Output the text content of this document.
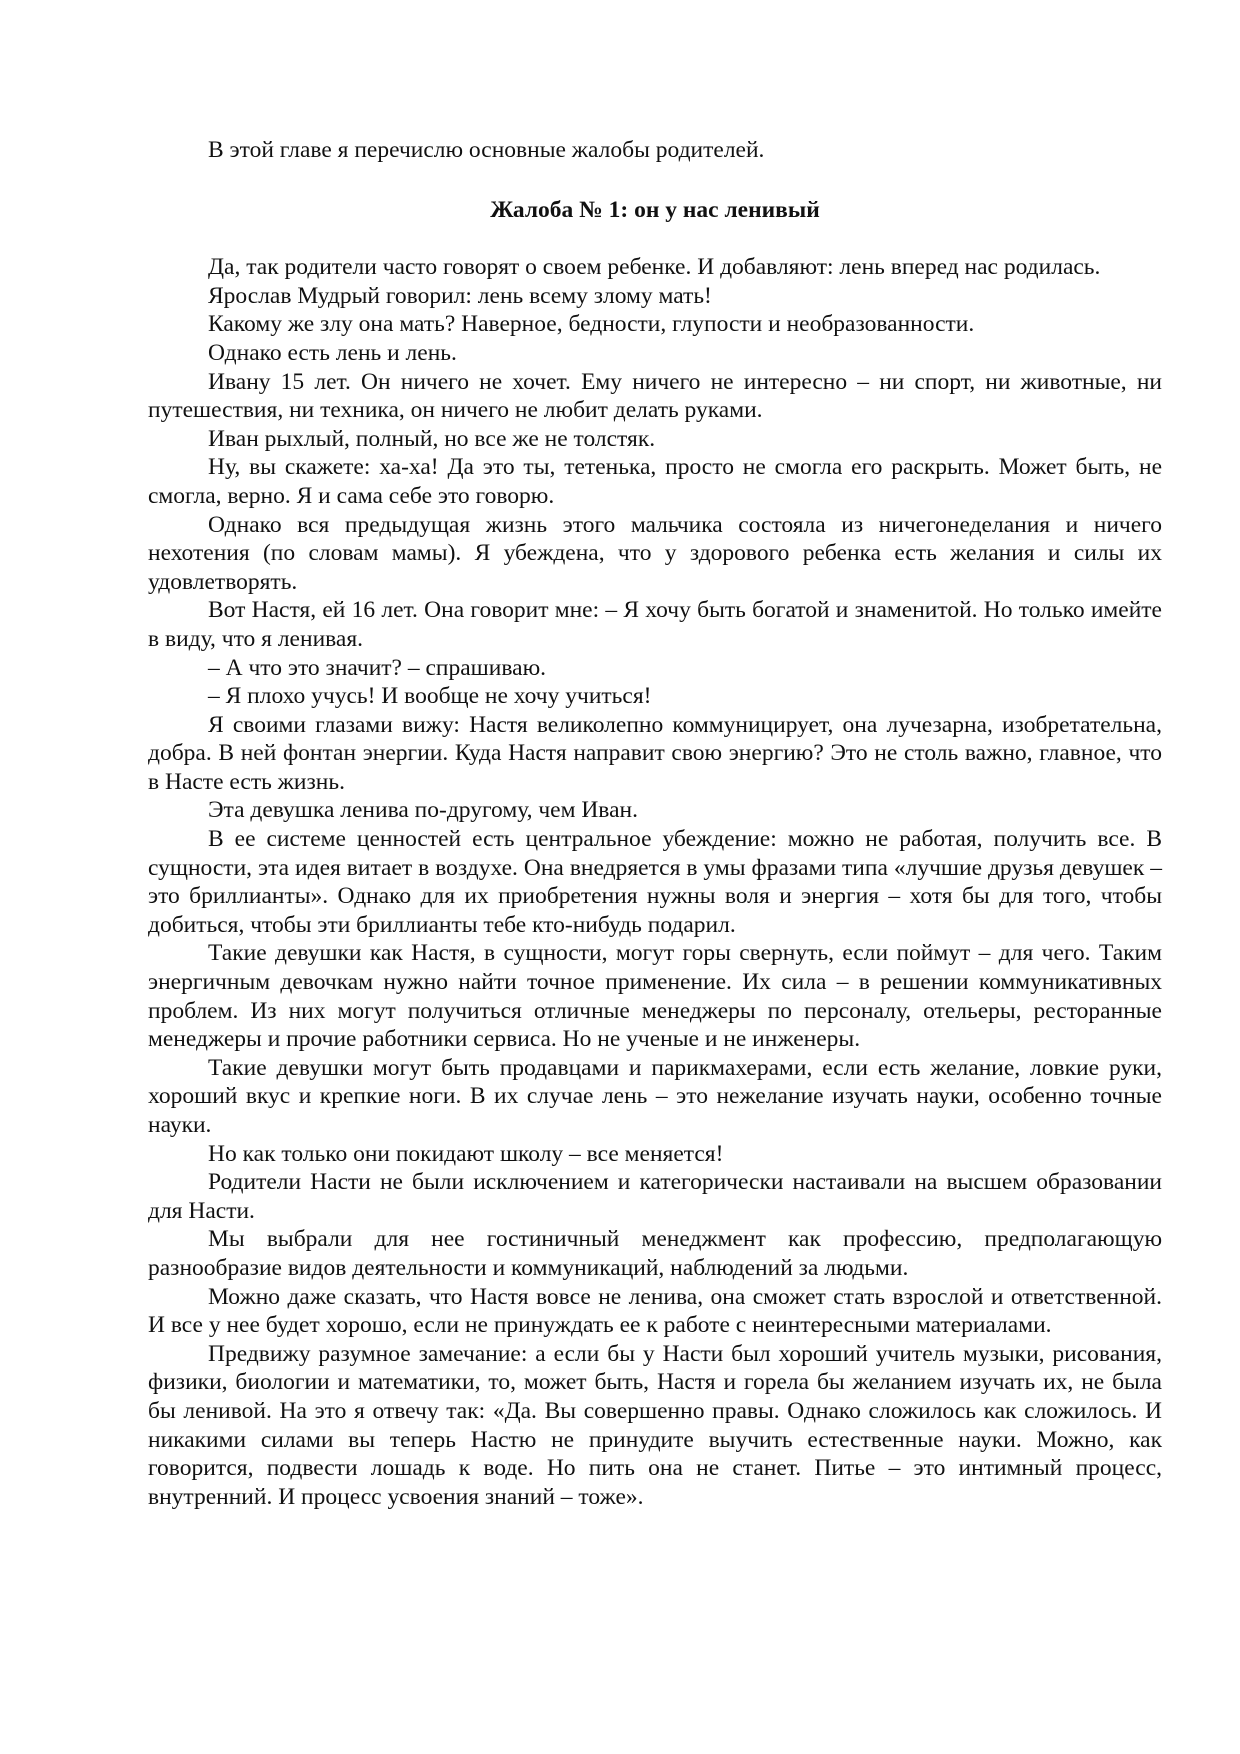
В этой главе я перечислю основные жалобы родителей.

Жалоба № 1: он у нас ленивый

Да, так родители часто говорят о своем ребенке. И добавляют: лень вперед нас родилась.

Ярослав Мудрый говорил: лень всему злому мать!

Какому же злу она мать? Наверное, бедности, глупости и необразованности.

Однако есть лень и лень.

Ивану 15 лет. Он ничего не хочет. Ему ничего не интересно – ни спорт, ни животные, ни путешествия, ни техника, он ничего не любит делать руками.

Иван рыхлый, полный, но все же не толстяк.

Ну, вы скажете: ха-ха! Да это ты, тетенька, просто не смогла его раскрыть. Может быть, не смогла, верно. Я и сама себе это говорю.

Однако вся предыдущая жизнь этого мальчика состояла из ничегонеделания и ничего нехотения (по словам мамы). Я убеждена, что у здорового ребенка есть желания и силы их удовлетворять.

Вот Настя, ей 16 лет. Она говорит мне: – Я хочу быть богатой и знаменитой. Но только имейте в виду, что я ленивая.

– А что это значит? – спрашиваю.

– Я плохо учусь! И вообще не хочу учиться!

Я своими глазами вижу: Настя великолепно коммуницирует, она лучезарна, изобретательна, добра. В ней фонтан энергии. Куда Настя направит свою энергию? Это не столь важно, главное, что в Насте есть жизнь.

Эта девушка ленива по-другому, чем Иван.

В ее системе ценностей есть центральное убеждение: можно не работая, получить все. В сущности, эта идея витает в воздухе. Она внедряется в умы фразами типа «лучшие друзья девушек – это бриллианты». Однако для их приобретения нужны воля и энергия – хотя бы для того, чтобы добиться, чтобы эти бриллианты тебе кто-нибудь подарил.

Такие девушки как Настя, в сущности, могут горы свернуть, если поймут – для чего. Таким энергичным девочкам нужно найти точное применение. Их сила – в решении коммуникативных проблем. Из них могут получиться отличные менеджеры по персоналу, отельеры, ресторанные менеджеры и прочие работники сервиса. Но не ученые и не инженеры.

Такие девушки могут быть продавцами и парикмахерами, если есть желание, ловкие руки, хороший вкус и крепкие ноги. В их случае лень – это нежелание изучать науки, особенно точные науки.

Но как только они покидают школу – все меняется!

Родители Насти не были исключением и категорически настаивали на высшем образовании для Насти.

Мы выбрали для нее гостиничный менеджмент как профессию, предполагающую разнообразие видов деятельности и коммуникаций, наблюдений за людьми.

Можно даже сказать, что Настя вовсе не ленива, она сможет стать взрослой и ответственной. И все у нее будет хорошо, если не принуждать ее к работе с неинтересными материалами.

Предвижу разумное замечание: а если бы у Насти был хороший учитель музыки, рисования, физики, биологии и математики, то, может быть, Настя и горела бы желанием изучать их, не была бы ленивой. На это я отвечу так: «Да. Вы совершенно правы. Однако сложилось как сложилось. И никакими силами вы теперь Настю не принудите выучить естественные науки. Можно, как говорится, подвести лошадь к воде. Но пить она не станет. Питье – это интимный процесс, внутренний. И процесс усвоения знаний – тоже».
